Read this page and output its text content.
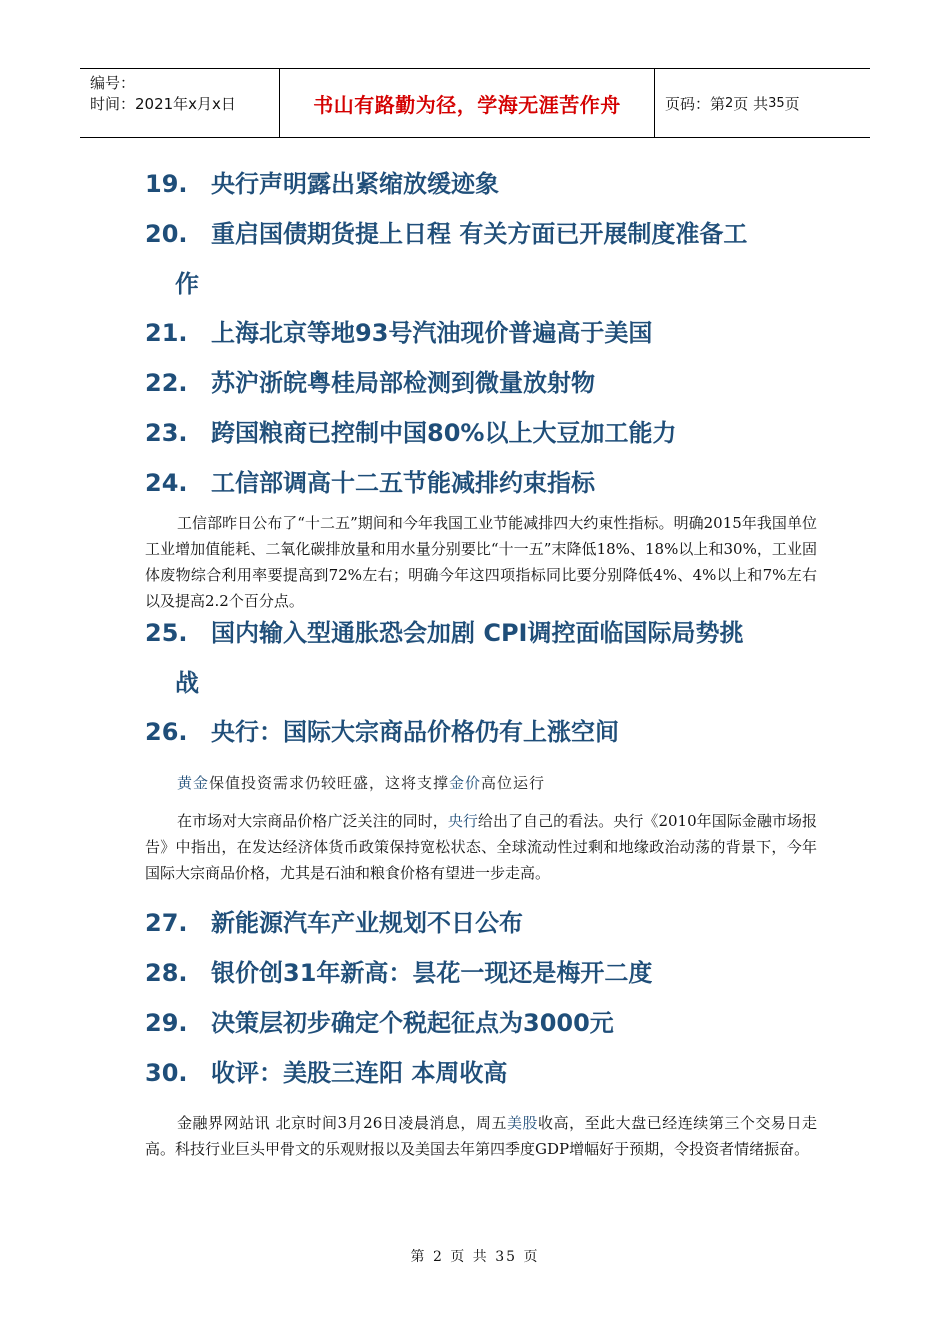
编号：
时间：2021年x月x日	书山有路勤为径，学海无涯苦作舟	页码：第 2 页 共 35 页
19. 央行声明露出紧缩放缓迹象
20. 重启国债期货提上日程 有关方面已开展制度准备工
作
21. 上海北京等地93号汽油现价普遍高于美国
22. 苏沪浙皖粤桂局部检测到微量放射物
23. 跨国粮商已控制中国80%以上大豆加工能力
24. 工信部调高十二五节能减排约束指标
工信部昨日公布了“十二五”期间和今年我国工业节能减排四大约束性指标。明确2015年我国单位工业增加值能耗、二氧化碳排放量和用水量分别要比“十一五”末降低18%、18%以上和30%，工业固体废物综合利用率要提高到72%左右；明确今年这四项指标同比要分别降低4%、4%以上和7%左右以及提高2.2个百分点。
25. 国内输入型通胀恐会加剧 CPI调控面临国际局势挑
战
26. 央行：国际大宗商品价格仍有上涨空间
黄金保值投资需求仍较旺盛，这将支撑金价高位运行
在市场对大宗商品价格广泛关注的同时，央行给出了自己的看法。央行《2010年国际金融市场报告》中指出，在发达经济体货币政策保持宽松状态、全球流动性过剩和地缘政治动荡的背景下，今年国际大宗商品价格，尤其是石油和粮食价格有望进一步走高。
27. 新能源汽车产业规划不日公布
28. 银价创31年新高：昙花一现还是梅开二度
29. 决策层初步确定个税起征点为3000元
30. 收评：美股三连阳 本周收高
金融界网站讯 北京时间3月26日凌晨消息，周五美股收高，至此大盘已经连续第三个交易日走高。科技行业巨头甲骨文的乐观财报以及美国去年第四季度GDP增幅好于预期，令投资者情绪振奋。
第 2 页 共 35 页
